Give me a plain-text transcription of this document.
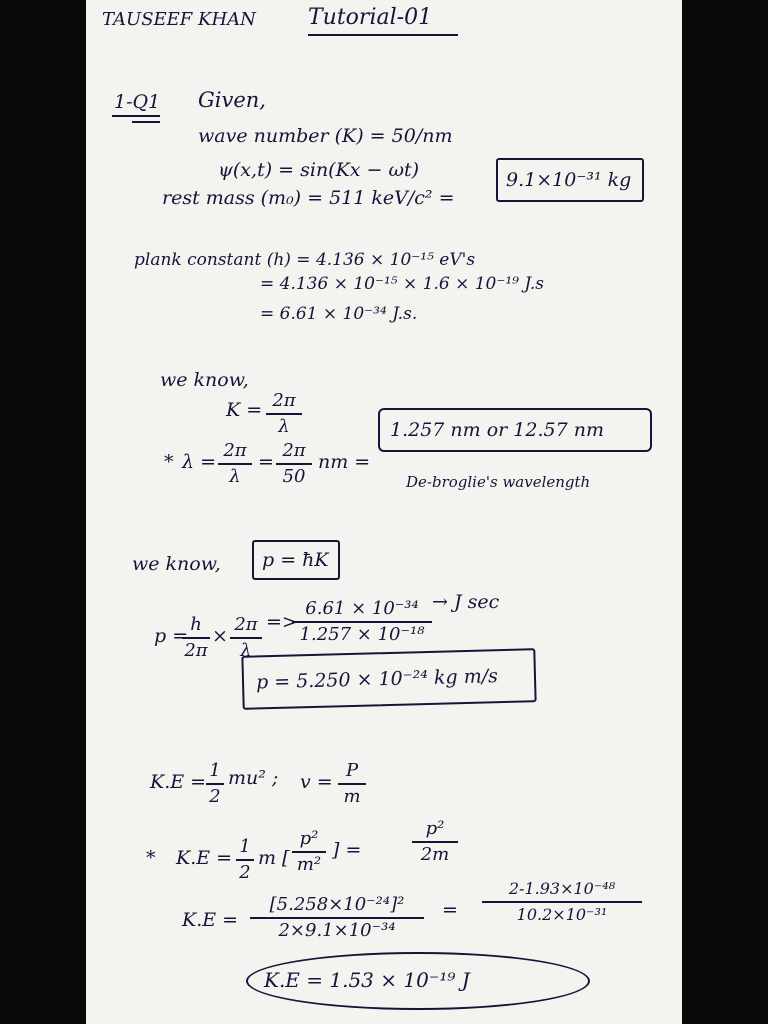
TAUSEEF KHAN Tutorial-01
1-Q1 Given,
wave number (K) = 50/nm
ψ(x,t) = sin(Kx − ωt)
rest mass (m₀) = 511 keV/c² =
9.1×10⁻³¹ kg
plank constant (h) = 4.136 × 10⁻¹⁵ eV's
= 4.136 × 10⁻¹⁵ × 1.6 × 10⁻¹⁹ J.s
= 6.61 × 10⁻³⁴ J.s.
we know,
K = 2π
λ
* λ =
2π
λ
=
2π
50
nm =
1.257 nm or 12.57 nm
De-broglie's wavelength
we know, p = ħK
p =
h
2π
×
2π
λ
=>
6.61 × 10⁻³⁴
1.257 × 10⁻¹⁸
→ J sec
p = 5.250 × 10⁻²⁴ kg m/s
K.E =
1
2
mu² ; v =
P
m
* K.E =
1
2
m [
p²
m²
] =
p²
2m
K.E =
[5.258×10⁻²⁴]²
2×9.1×10⁻³⁴
=
2-1.93×10⁻⁴⁸
10.2×10⁻³¹
K.E = 1.53 × 10⁻¹⁹ J
